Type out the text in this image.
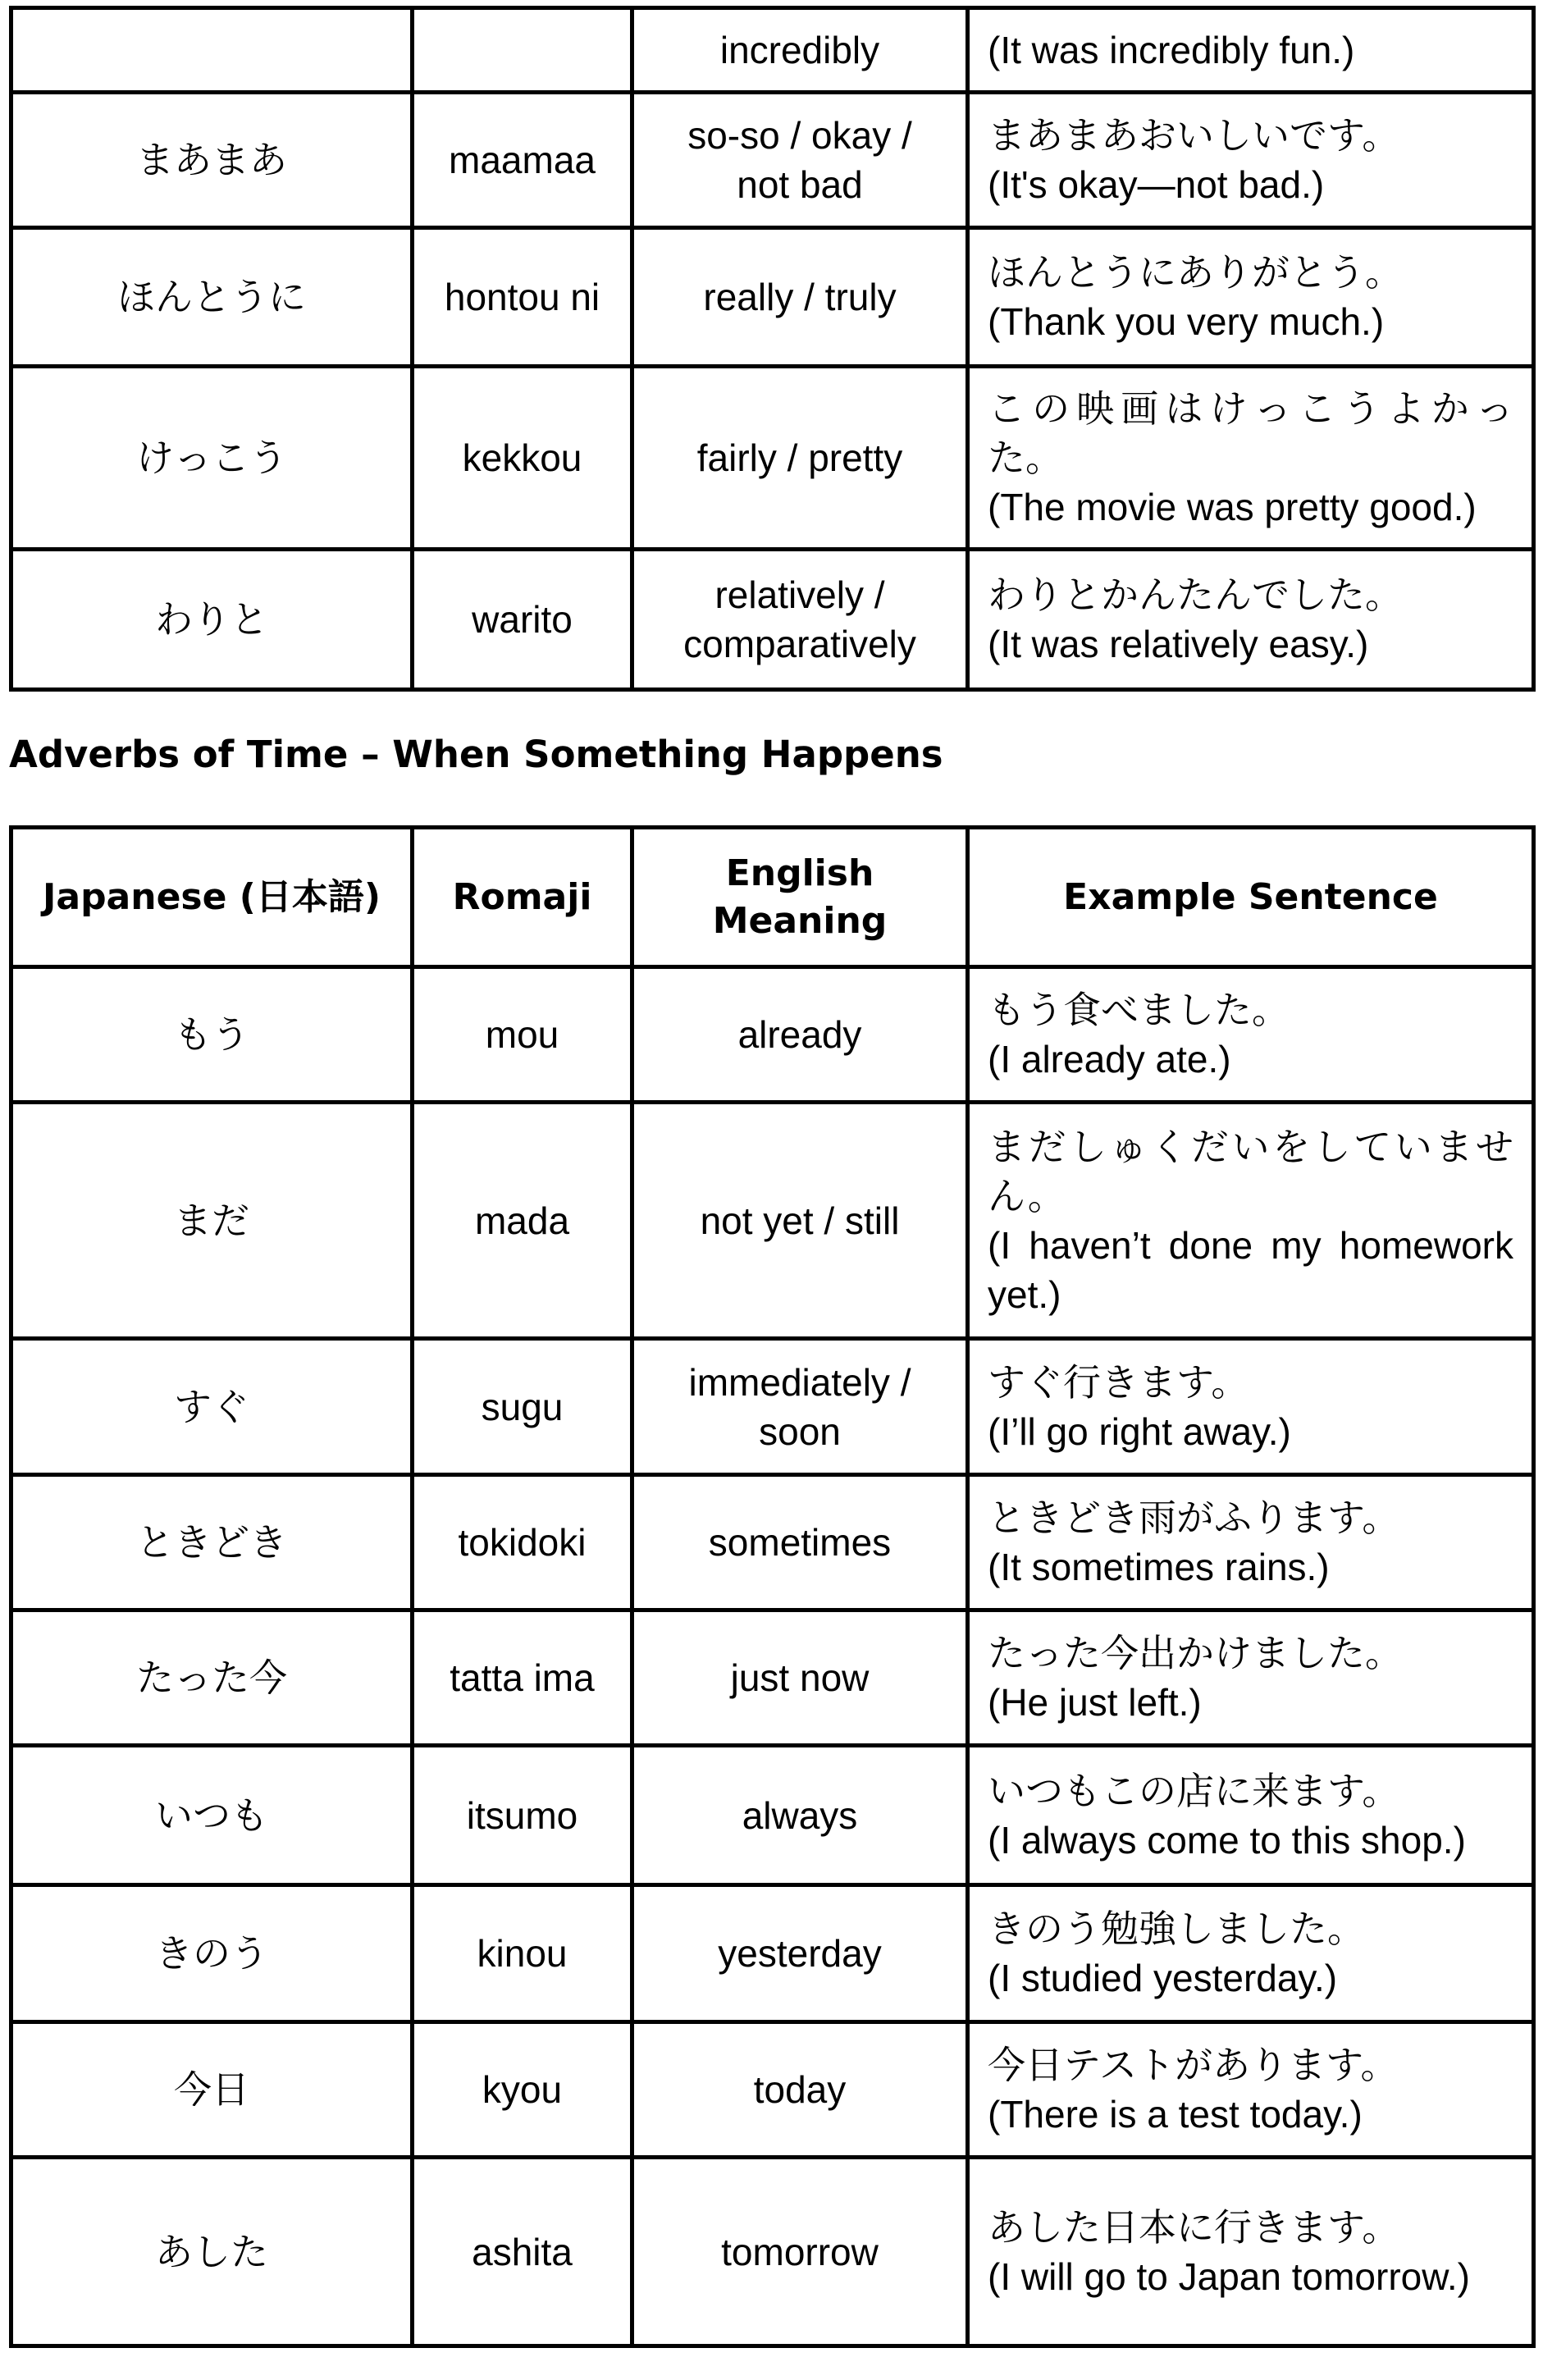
		incredibly	(It was incredibly fun.)

まあまあ	maamaa	so-so / okay / not bad	まあまあおいしいです。
(It's okay—not bad.)

ほんとうに	hontou ni	really / truly	ほんとうにありがとう。
(Thank you very much.)

けっこう	kekkou	fairly / pretty	この映画はけっこうよかった。
(The movie was pretty good.)

わりと	warito	relatively / comparatively	わりとかんたんでした。
(It was relatively easy.)
Adverbs of Time – When Something Happens
Japanese (日本語)	Romaji	English Meaning	Example Sentence
もう	mou	already	もう食べました。
(I already ate.)

まだ	mada	not yet / still	まだしゅくだいをしていません。
(I haven’t done my homework yet.)

すぐ	sugu	immediately / soon	すぐ行きます。
(I’ll go right away.)

ときどき	tokidoki	sometimes	ときどき雨がふります。
(It sometimes rains.)

たった今	tatta ima	just now	たった今出かけました。
(He just left.)

いつも	itsumo	always	いつもこの店に来ます。
(I always come to this shop.)

きのう	kinou	yesterday	きのう勉強しました。
(I studied yesterday.)

今日	kyou	today	今日テストがあります。
(There is a test today.)

あした	ashita	tomorrow	あした日本に行きます。
(I will go to Japan tomorrow.)
